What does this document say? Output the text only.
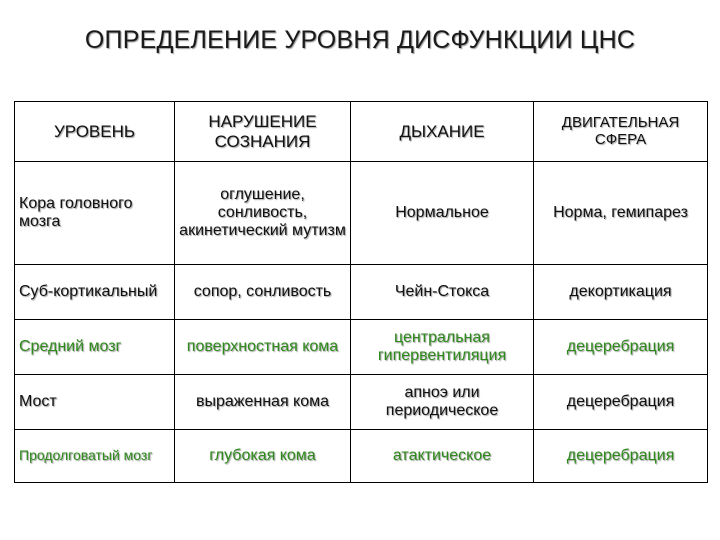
ОПРЕДЕЛЕНИЕ УРОВНЯ ДИСФУНКЦИИ ЦНС
УРОВЕНЬ	НАРУШЕНИЕ СОЗНАНИЯ	ДЫХАНИЕ	ДВИГАТЕЛЬНАЯ СФЕРА
Кора головного мозга	оглушение, сонливость, акинетический мутизм	Нормальное	Норма, гемипарез
Суб-кортикальный	сопор, сонливость	Чейн-Стокса	декортикация
Средний мозг	поверхностная кома	центральная гипервентиляция	децеребрация
Мост	выраженная кома	апноэ или периодическое	децеребрация
Продолговатый мозг	глубокая кома	атактическое	децеребрация
